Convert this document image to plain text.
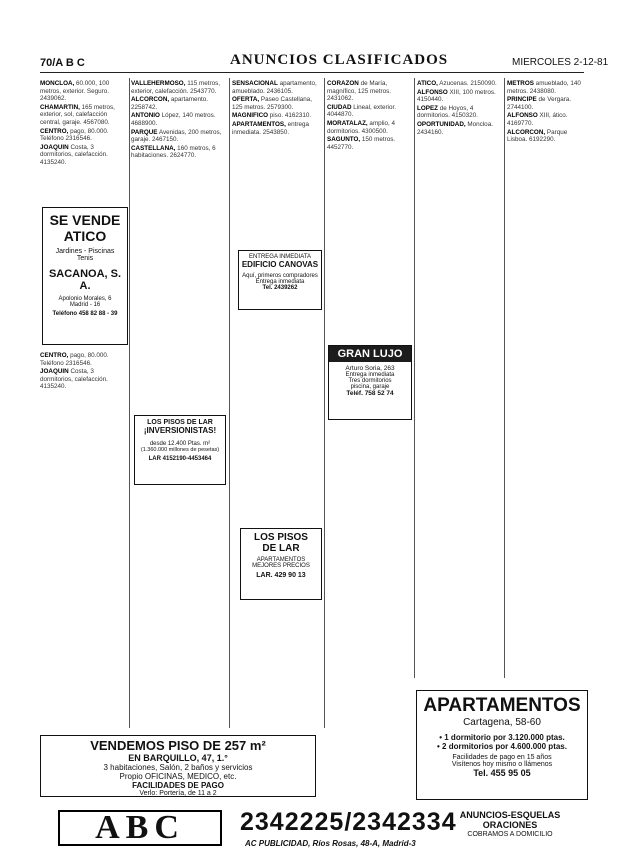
70/A B C	ANUNCIOS CLASIFICADOS	MIERCOLES 2-12-81

MONCLOA, 60.000, 100 metros, exterior. Seguro. 2439062.

CHAMARTIN, 165 metros, exterior, sol, calefacción central, garaje. 4567080.

CENTRO, pago, 80.000. Teléfono 2316546.

JOAQUIN Costa, 3 dormitorios, calefacción. 4135240.

CENTRO, pago, 80.000. Teléfono 2316546.

JOAQUIN Costa, 3 dormitorios, calefacción. 4135240.

VALLEHERMOSO, 115 metros, exterior, calefacción. 2543770.

ALCORCON, apartamento. 2258742.

ANTONIO López, 140 metros. 4688900.

PARQUE Avenidas, 200 metros, garaje. 2467150.

CASTELLANA, 160 metros, 6 habitaciones. 2624770.

SENSACIONAL apartamento, amueblado. 2436105.

OFERTA, Paseo Castellana, 125 metros. 2579300.

MAGNIFICO piso. 4162310.

APARTAMENTOS, entrega inmediata. 2543850.

CORAZON de María, magnífico, 125 metros. 2431062.

CIUDAD Lineal, exterior. 4044870.

MORATALAZ, amplio, 4 dormitorios. 4300500.

SAGUNTO, 150 metros. 4452770.

ATICO, Azucenas. 2150090.

ALFONSO XIII, 100 metros. 4150440.

LOPEZ de Hoyos, 4 dormitorios. 4150320.

OPORTUNIDAD, Moncloa. 2434160.

METROS amueblado, 140 metros. 2438080.

PRINCIPE de Vergara. 2744100.

ALFONSO XIII, ático. 4169770.

ALCORCON, Parque Lisboa. 6192290.

SE VENDE
ATICO
Jardines - Piscinas
Tenis
SACANOA, S. A.
Apolonio Morales, 6
Madrid - 16
Teléfono 458 82 88 - 39
ENTREGA INMEDIATA
EDIFICIO CANOVAS
Aquí, primeros compradores
Entrega inmediata
Tel. 2439262
LOS PISOS DE LAR
¡INVERSIONISTAS!
desde 12.400 Ptas. m²
(1.360.000 millones de pesetas)
LAR 4152190-4453464
GRAN LUJO
Arturo Soria, 263
Entrega inmediata
Tres dormitorios
piscina, garaje
Teléf. 758 52 74
LOS PISOS
DE LAR
APARTAMENTOS
MEJORES PRECIOS
LAR. 429 90 13
VENDEMOS PISO DE 257 m²
EN BARQUILLO, 47, 1.°
3 habitaciones, Salón, 2 baños y servicios
Propio OFICINAS, MEDICO, etc.
FACILIDADES DE PAGO
Verlo: Portería, de 11 a 2
APARTAMENTOS
Cartagena, 58-60
• 1 dormitorio por 3.120.000 ptas.
• 2 dormitorios por 4.600.000 ptas.
Facilidades de pago en 15 años
Visítenos hoy mismo o llámenos
Tel. 455 95 05
ABC	2342225/2342334
AC PUBLICIDAD, Ríos Rosas, 48-A, Madrid-3
ANUNCIOS-ESQUELAS
ORACIONES
COBRAMOS A DOMICILIO
